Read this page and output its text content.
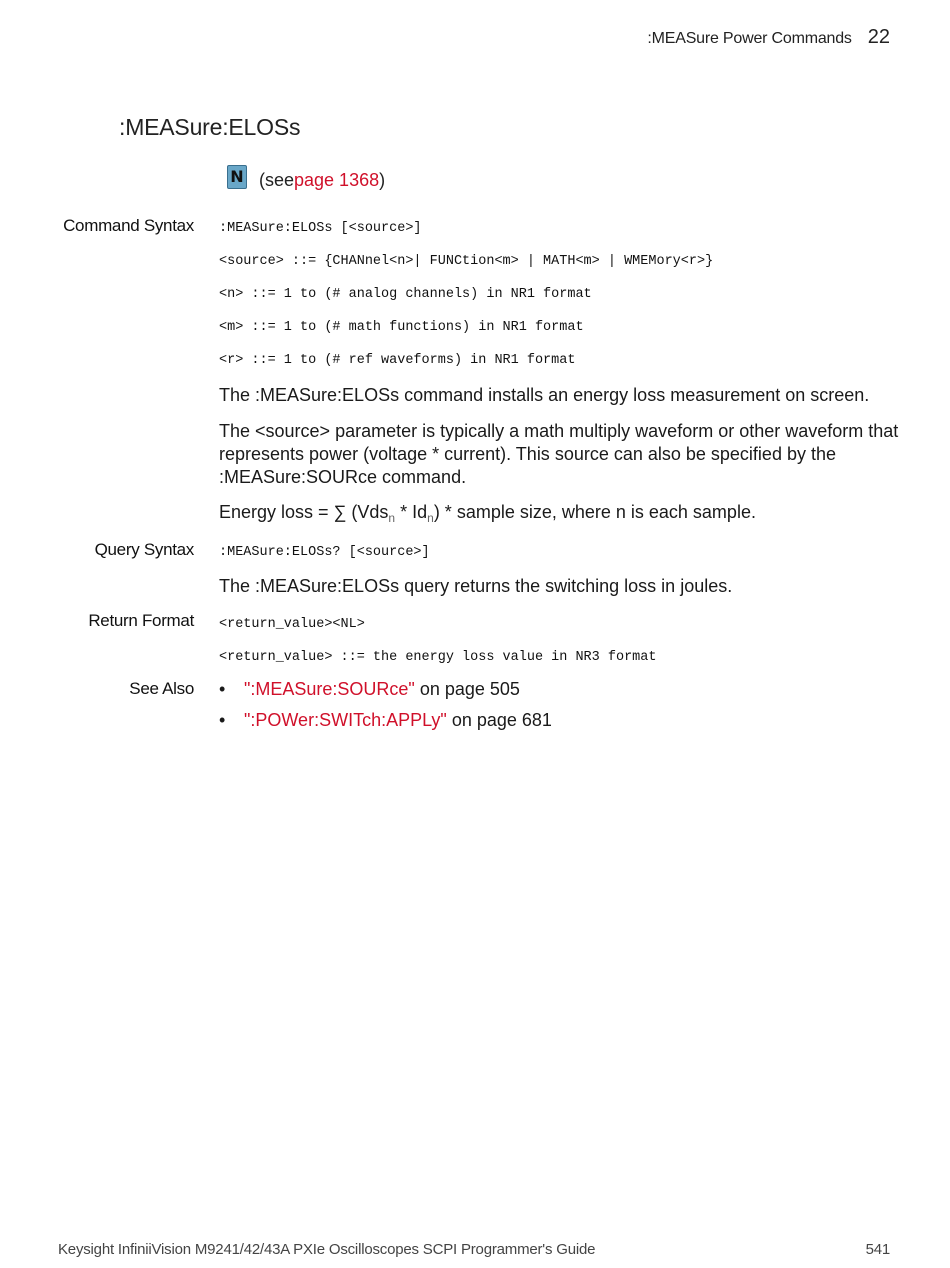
:MEASure Power Commands 22
:MEASure:ELOSs
N (see page 1368 )
Command Syntax :MEASure:ELOSs [<source>]
<source> ::= {CHANnel<n>| FUNCtion<m> | MATH<m> | WMEMory<r>}
<n> ::= 1 to (# analog channels) in NR1 format
<m> ::= 1 to (# math functions) in NR1 format
<r> ::= 1 to (# ref waveforms) in NR1 format
The :MEASure:ELOSs command installs an energy loss measurement on screen.
The <source> parameter is typically a math multiply waveform or other waveform that represents power (voltage * current). This source can also be specified by the :MEASure:SOURce command.
Energy loss = ∑ $(Vds_n * Id_n)$ * sample size, where n is each sample.
Query Syntax :MEASure:ELOSs? [<source>]
The :MEASure:ELOSs query returns the switching loss in joules.
Return Format <return_value><NL>
<return_value> ::= the energy loss value in NR3 format
See Also • ":MEASure:SOURce" on page 505
• ":POWer:SWITch:APPLy" on page 681
Keysight InfiniiVision M9241/42/43A PXIe Oscilloscopes SCPI Programmer's Guide	541
